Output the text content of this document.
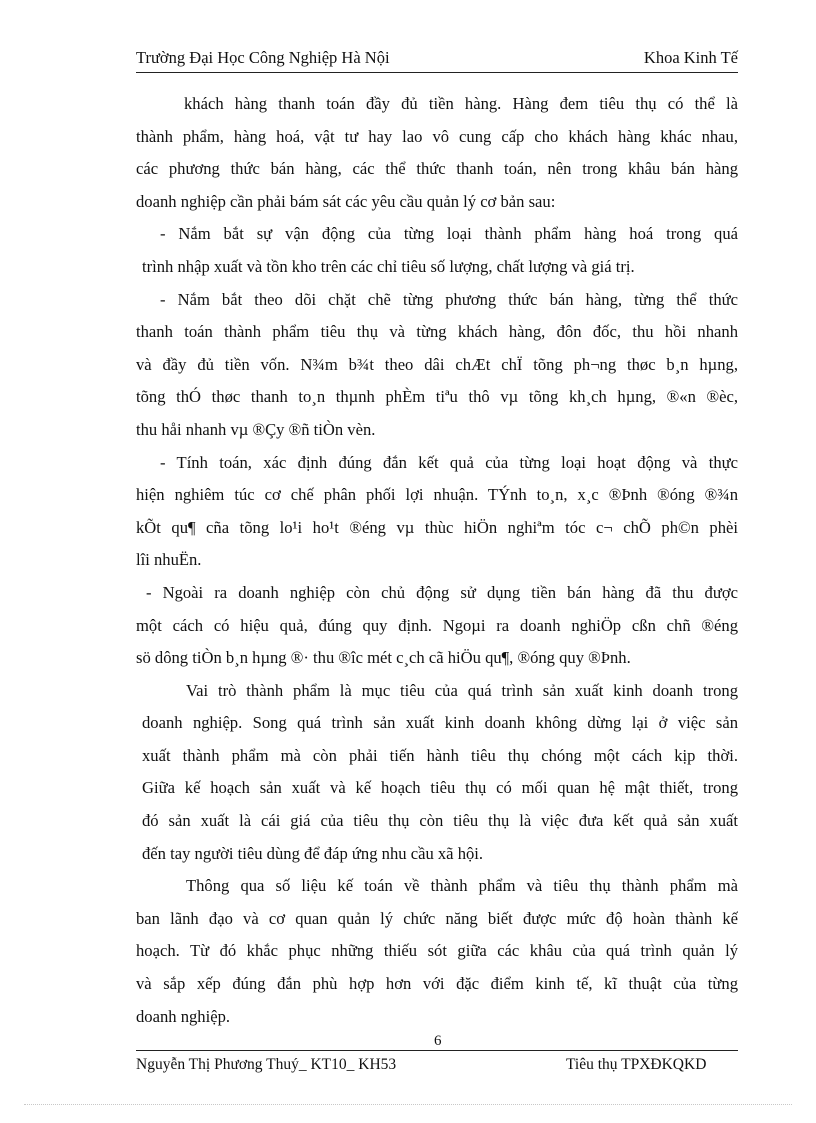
Trường Đại Học Công Nghiệp Hà Nội	Khoa Kinh Tế
khách hàng thanh toán đầy đủ tiền hàng. Hàng đem tiêu thụ có thể là
thành phẩm, hàng hoá, vật tư hay lao vô cung cấp cho khách hàng khác nhau,
các phương thức bán hàng, các thể thức thanh toán, nên trong khâu bán hàng
doanh nghiệp cần phải bám sát các yêu cầu quản lý cơ bản sau:
- Nắm bắt sự vận động của từng loại thành phẩm hàng hoá trong quá
trình nhập xuất và tồn kho trên các chỉ tiêu số lượng, chất lượng và giá trị.
- Nắm bắt theo dõi chặt chẽ từng phương thức bán hàng, từng thể thức
thanh toán thành phẩm tiêu thụ và từng khách hàng, đôn đốc, thu hồi nhanh
và đầy đủ tiền vốn. N¾m b¾t theo dâi chÆt chÏ tõng ph¬ng thøc b¸n hµng,
tõng thÓ thøc thanh to¸n thµnh phÈm tiªu thô vµ tõng kh¸ch hµng, ®«n ®èc,
thu håi nhanh vµ ®Çy ®ñ tiÒn vèn.
- Tính toán, xác định đúng đắn kết quả của từng loại hoạt động và thực
hiện nghiêm túc cơ chế phân phối lợi nhuận. TÝnh to¸n, x¸c ®Þnh ®óng ®¾n
kÕt qu¶ cña tõng lo¹i ho¹t ®éng vµ thùc hiÖn nghiªm tóc c¬ chÕ ph©n phèi
lîi nhuËn.
- Ngoài ra doanh nghiệp còn chủ động sử dụng tiền bán hàng đã thu được
một cách có hiệu quả, đúng quy định. Ngoµi ra doanh nghiÖp cßn chñ ®éng
sö dông tiÒn b¸n hµng ®· thu ®îc mét c¸ch cã hiÖu qu¶, ®óng quy ®Þnh.
Vai trò thành phẩm là mục tiêu của quá trình sản xuất kinh doanh trong
doanh nghiệp. Song quá trình sản xuất kinh doanh không dừng lại ở việc sản
xuất thành phẩm mà còn phải tiến hành tiêu thụ chóng một cách kịp thời.
Giữa kế hoạch sản xuất và kế hoạch tiêu thụ có mối quan hệ mật thiết, trong
đó sản xuất là cái giá của tiêu thụ còn tiêu thụ là việc đưa kết quả sản xuất
đến tay người tiêu dùng để đáp ứng nhu cầu xã hội.
Thông qua số liệu kế toán về thành phẩm và tiêu thụ thành phẩm mà
ban lãnh đạo và cơ quan quản lý chức năng biết được mức độ hoàn thành kế
hoạch. Từ đó khắc phục những thiếu sót giữa các khâu của quá trình quản lý
và sắp xếp đúng đắn phù hợp hơn với đặc điểm kinh tế, kĩ thuật của từng
doanh nghiệp.
6
Nguyễn Thị Phương Thuý_ KT10_ KH53	Tiêu thụ TPXĐKQKD
